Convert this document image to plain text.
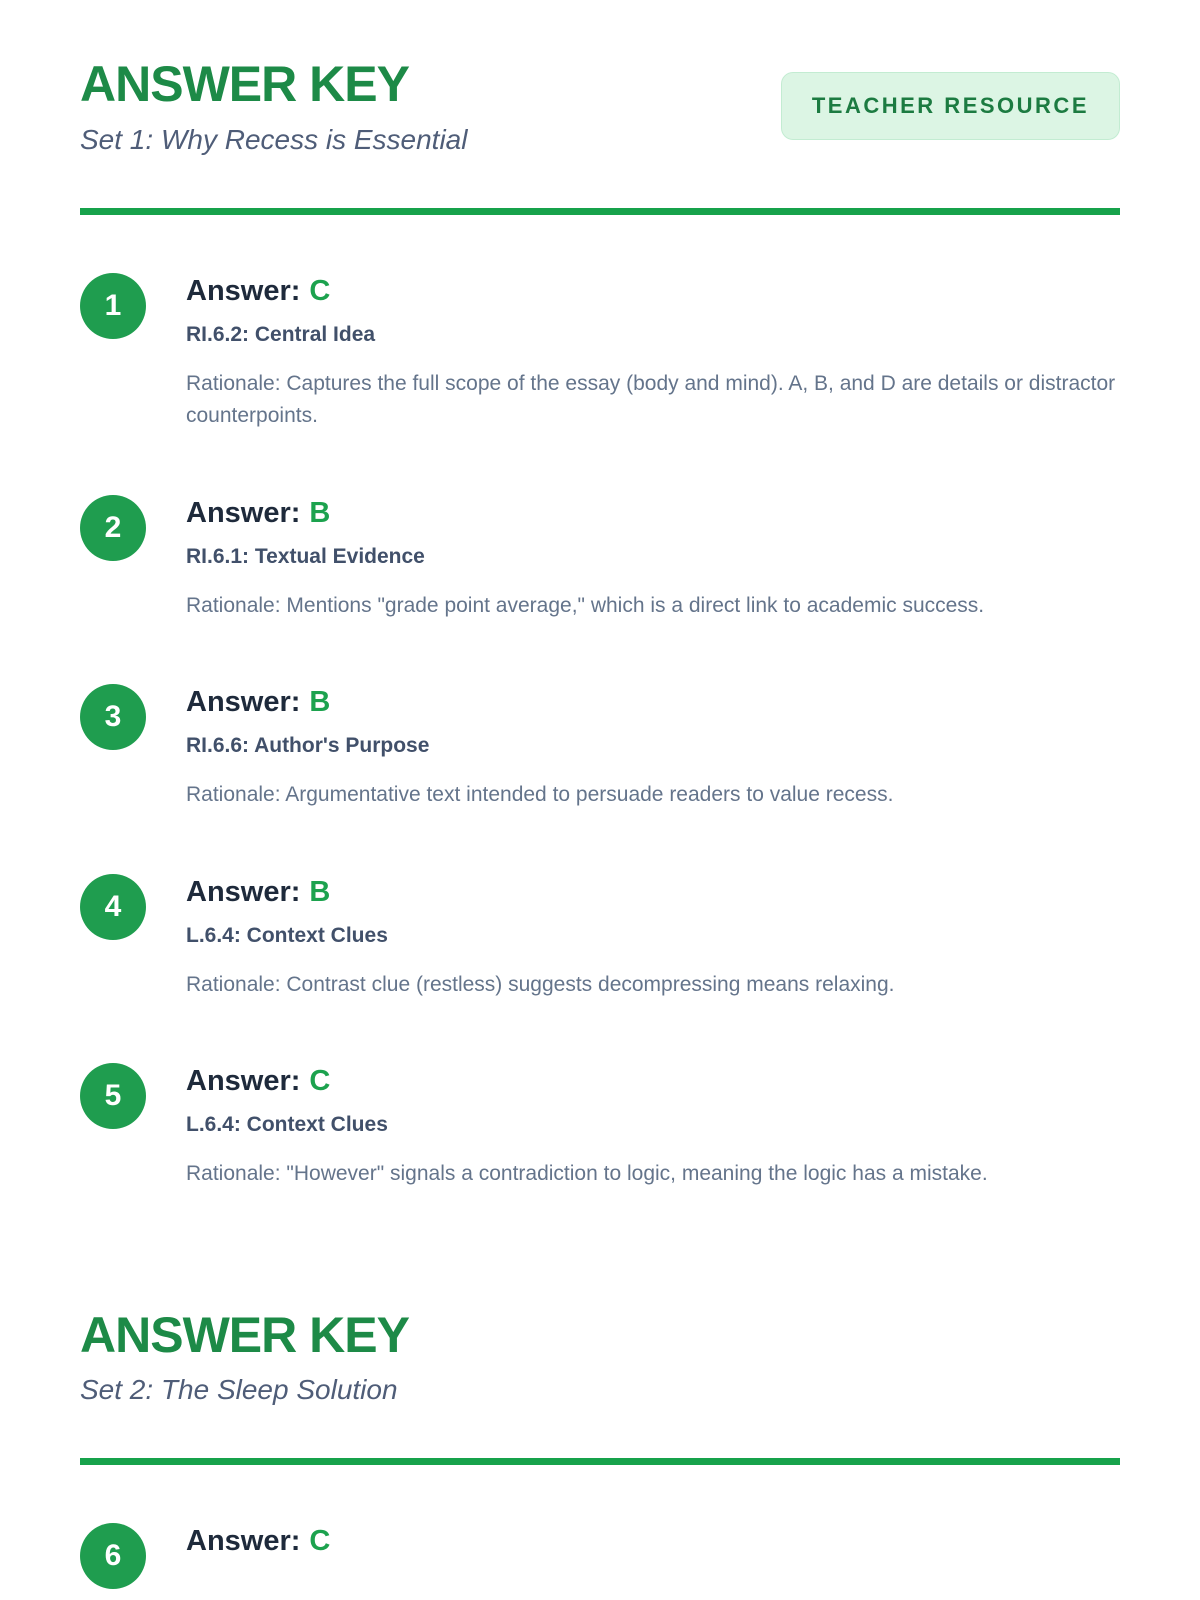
ANSWER KEY
Set 1: Why Recess is Essential
TEACHER RESOURCE
1 Answer: C
RI.6.2: Central Idea
Rationale: Captures the full scope of the essay (body and mind). A, B, and D are details or distractor counterpoints.
2 Answer: B
RI.6.1: Textual Evidence
Rationale: Mentions "grade point average," which is a direct link to academic success.
3 Answer: B
RI.6.6: Author's Purpose
Rationale: Argumentative text intended to persuade readers to value recess.
4 Answer: B
L.6.4: Context Clues
Rationale: Contrast clue (restless) suggests decompressing means relaxing.
5 Answer: C
L.6.4: Context Clues
Rationale: "However" signals a contradiction to logic, meaning the logic has a mistake.
ANSWER KEY
Set 2: The Sleep Solution
6 Answer: C
